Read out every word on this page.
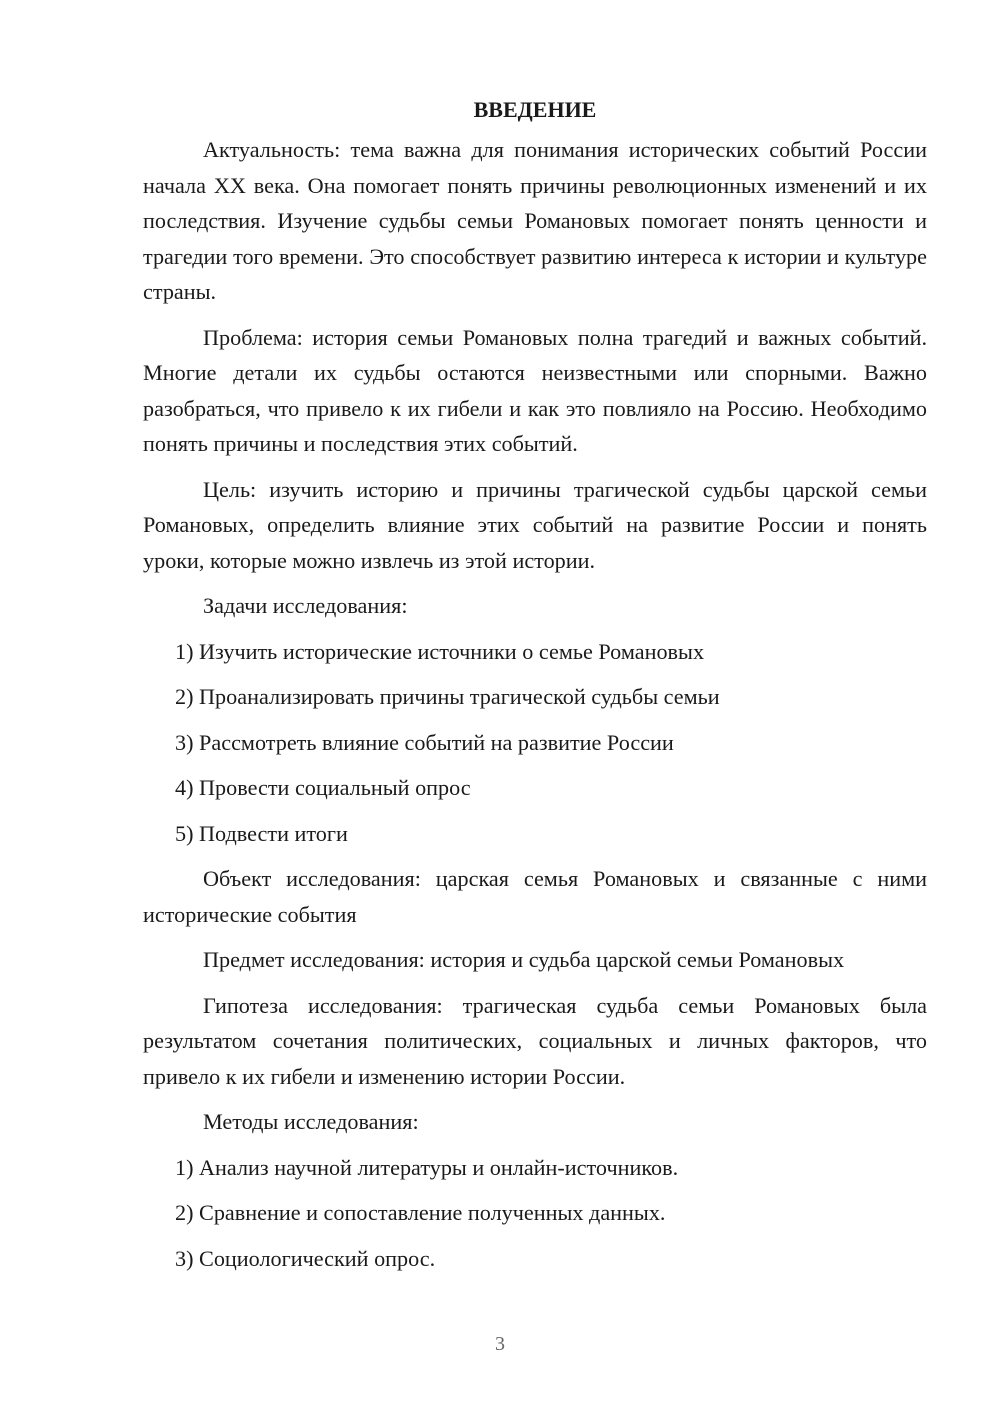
ВВЕДЕНИЕ

Актуальность: тема важна для понимания исторических событий России начала XX века. Она помогает понять причины революционных изменений и их последствия. Изучение судьбы семьи Романовых помогает понять ценности и трагедии того времени. Это способствует развитию интереса к истории и культуре страны.

Проблема: история семьи Романовых полна трагедий и важных событий. Многие детали их судьбы остаются неизвестными или спорными. Важно разобраться, что привело к их гибели и как это повлияло на Россию. Необходимо понять причины и последствия этих событий.

Цель: изучить историю и причины трагической судьбы царской семьи Романовых, определить влияние этих событий на развитие России и понять уроки, которые можно извлечь из этой истории.

Задачи исследования:
1) Изучить исторические источники о семье Романовых
2) Проанализировать причины трагической судьбы семьи
3) Рассмотреть влияние событий на развитие России
4) Провести социальный опрос
5) Подвести итоги

Объект исследования: царская семья Романовых и связанные с ними исторические события

Предмет исследования: история и судьба царской семьи Романовых

Гипотеза исследования: трагическая судьба семьи Романовых была результатом сочетания политических, социальных и личных факторов, что привело к их гибели и изменению истории России.

Методы исследования:
1) Анализ научной литературы и онлайн-источников.
2) Сравнение и сопоставление полученных данных.
3) Социологический опрос.
3
